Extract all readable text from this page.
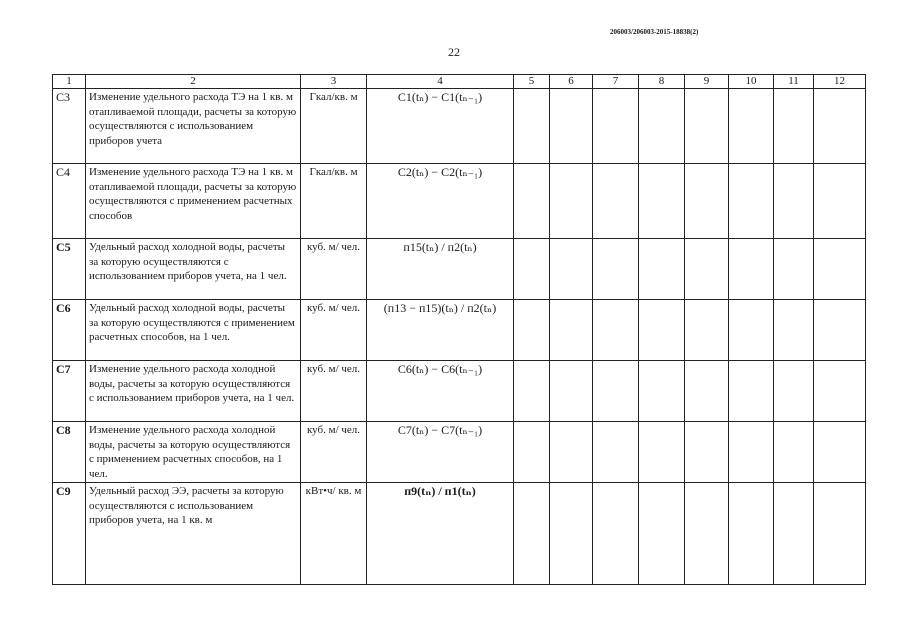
206003/206003-2015-18838(2)
22
1	2	3	4	5	6	7	8	9	10	11	12
C3	Изменение удельного расхода ТЭ на 1 кв. м отапливаемой площади, расчеты за которую осуществляются с использованием приборов учета	Гкал/кв. м	C1(tₙ) − C1(tₙ₋₁)								
C4	Изменение удельного расхода ТЭ на 1 кв. м отапливаемой площади, расчеты за которую осуществляются с применением расчетных способов	Гкал/кв. м	C2(tₙ) − C2(tₙ₋₁)								
C5	Удельный расход холодной воды, расчеты за которую осуществляются с использованием приборов учета, на 1 чел.	куб. м/ чел.	п15(tₙ) / п2(tₙ)								
C6	Удельный расход холодной воды, расчеты за которую осуществляются с применением расчетных способов, на 1 чел.	куб. м/ чел.	(п13 − п15)(tₙ) / п2(tₙ)								
C7	Изменение удельного расхода холодной воды, расчеты за которую осуществляются с использованием приборов учета, на 1 чел.	куб. м/ чел.	C6(tₙ) − C6(tₙ₋₁)								
C8	Изменение удельного расхода холодной воды, расчеты за которую осуществляются с применением расчетных способов, на 1 чел.	куб. м/ чел.	C7(tₙ) − C7(tₙ₋₁)								
C9	Удельный расход ЭЭ, расчеты за которую осуществляются с использованием приборов учета, на 1 кв. м	кВт•ч/ кв. м	п9(tₙ) / п1(tₙ)								
